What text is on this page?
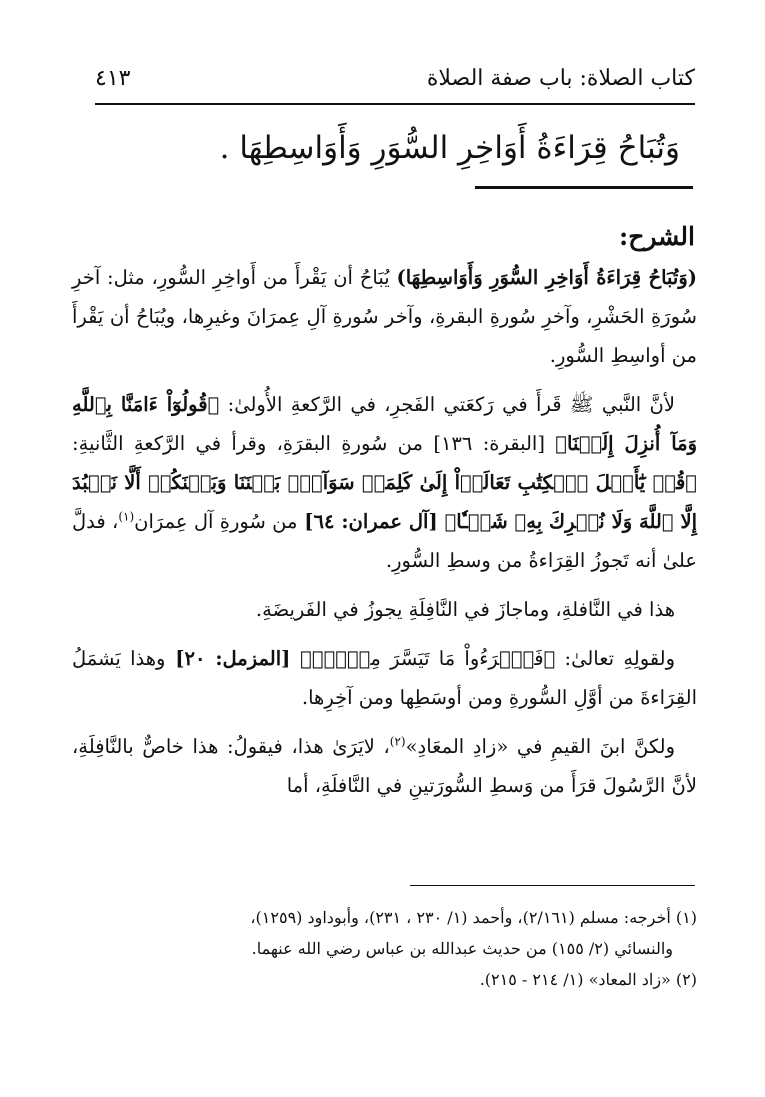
كتاب الصلاة: باب صفة الصلاة
٤١٣
وَتُبَاحُ قِرَاءَةُ أَوَاخِرِ السُّوَرِ وَأَوَاسِطِهَا .
الشرح:

(وَتُبَاحُ قِرَاءَةُ أَوَاخِرِ السُّوَرِ وَأَوَاسِطِهَا) يُبَاحُ أن يَقْرأَ من أَواخِرِ السُّورِ، مثل: آخرِ سُورَةِ الحَشْرِ، وآخرِ سُورةِ البقرةِ، وآخر سُورةِ آلِ عِمرَانَ وغيرِها، ويُبَاحُ أن يَقْرأَ من أواسِطِ السُّورِ.

لأنَّ النَّبي ﷺ قَرأَ في رَكعَتي الفَجرِ، في الرَّكعةِ الأُولىٰ: ﴿قُولُوٓاْ ءَامَنَّا بِٱللَّهِ وَمَآ أُنزِلَ إِلَيۡنَا﴾ [البقرة: ١٣٦] من سُورةِ البقرَةِ، وقرأ في الرَّكعةِ الثَّانيةِ: ﴿قُلۡ يَٰٓأَهۡلَ ٱلۡكِتَٰبِ تَعَالَوۡاْ إِلَىٰ كَلِمَةٖ سَوَآءِۭ بَيۡنَنَا وَبَيۡنَكُمۡ أَلَّا نَعۡبُدَ إِلَّا ٱللَّهَ وَلَا نُشۡرِكَ بِهِۦ شَيۡـٔٗا﴾ [آل عمران: ٦٤] من سُورةِ آل عِمرَان$^{(١)}$، فدلَّ علىٰ أنه تَجوزُ القِرَاءةُ من وسطِ السُّورِ.

هذا في النَّافلةِ، وماجازَ في النَّافِلَةِ يجوزُ في الفَريضَةِ.

ولقولِهِ تعالىٰ: ﴿فَٱقۡرَءُواْ مَا تَيَسَّرَ مِنۡهُۚ﴾ [المزمل: ٢٠] وهذا يَشمَلُ القِرَاءةَ من أوَّلِ السُّورةِ ومن أوسَطِها ومن آخِرِها.

ولكنَّ ابنَ القيمِ في «زادِ المعَادِ»$^{(٢)}$، لايَرَىٰ هذا، فيقولُ: هذا خاصٌّ بالنَّافِلَةِ، لأنَّ الرَّسُولَ قرَأَ من وَسطِ السُّورَتينِ في النَّافلَةِ، أما

(١) أخرجه: مسلم (٢/١٦١)، وأحمد (١/ ٢٣٠ ، ٢٣١)، وأبوداود (١٢٥٩)،

والنسائي (٢/ ١٥٥) من حديث عبدالله بن عباس رضي الله عنهما.

(٢) «زاد المعاد» (١/ ٢١٤ - ٢١٥).
